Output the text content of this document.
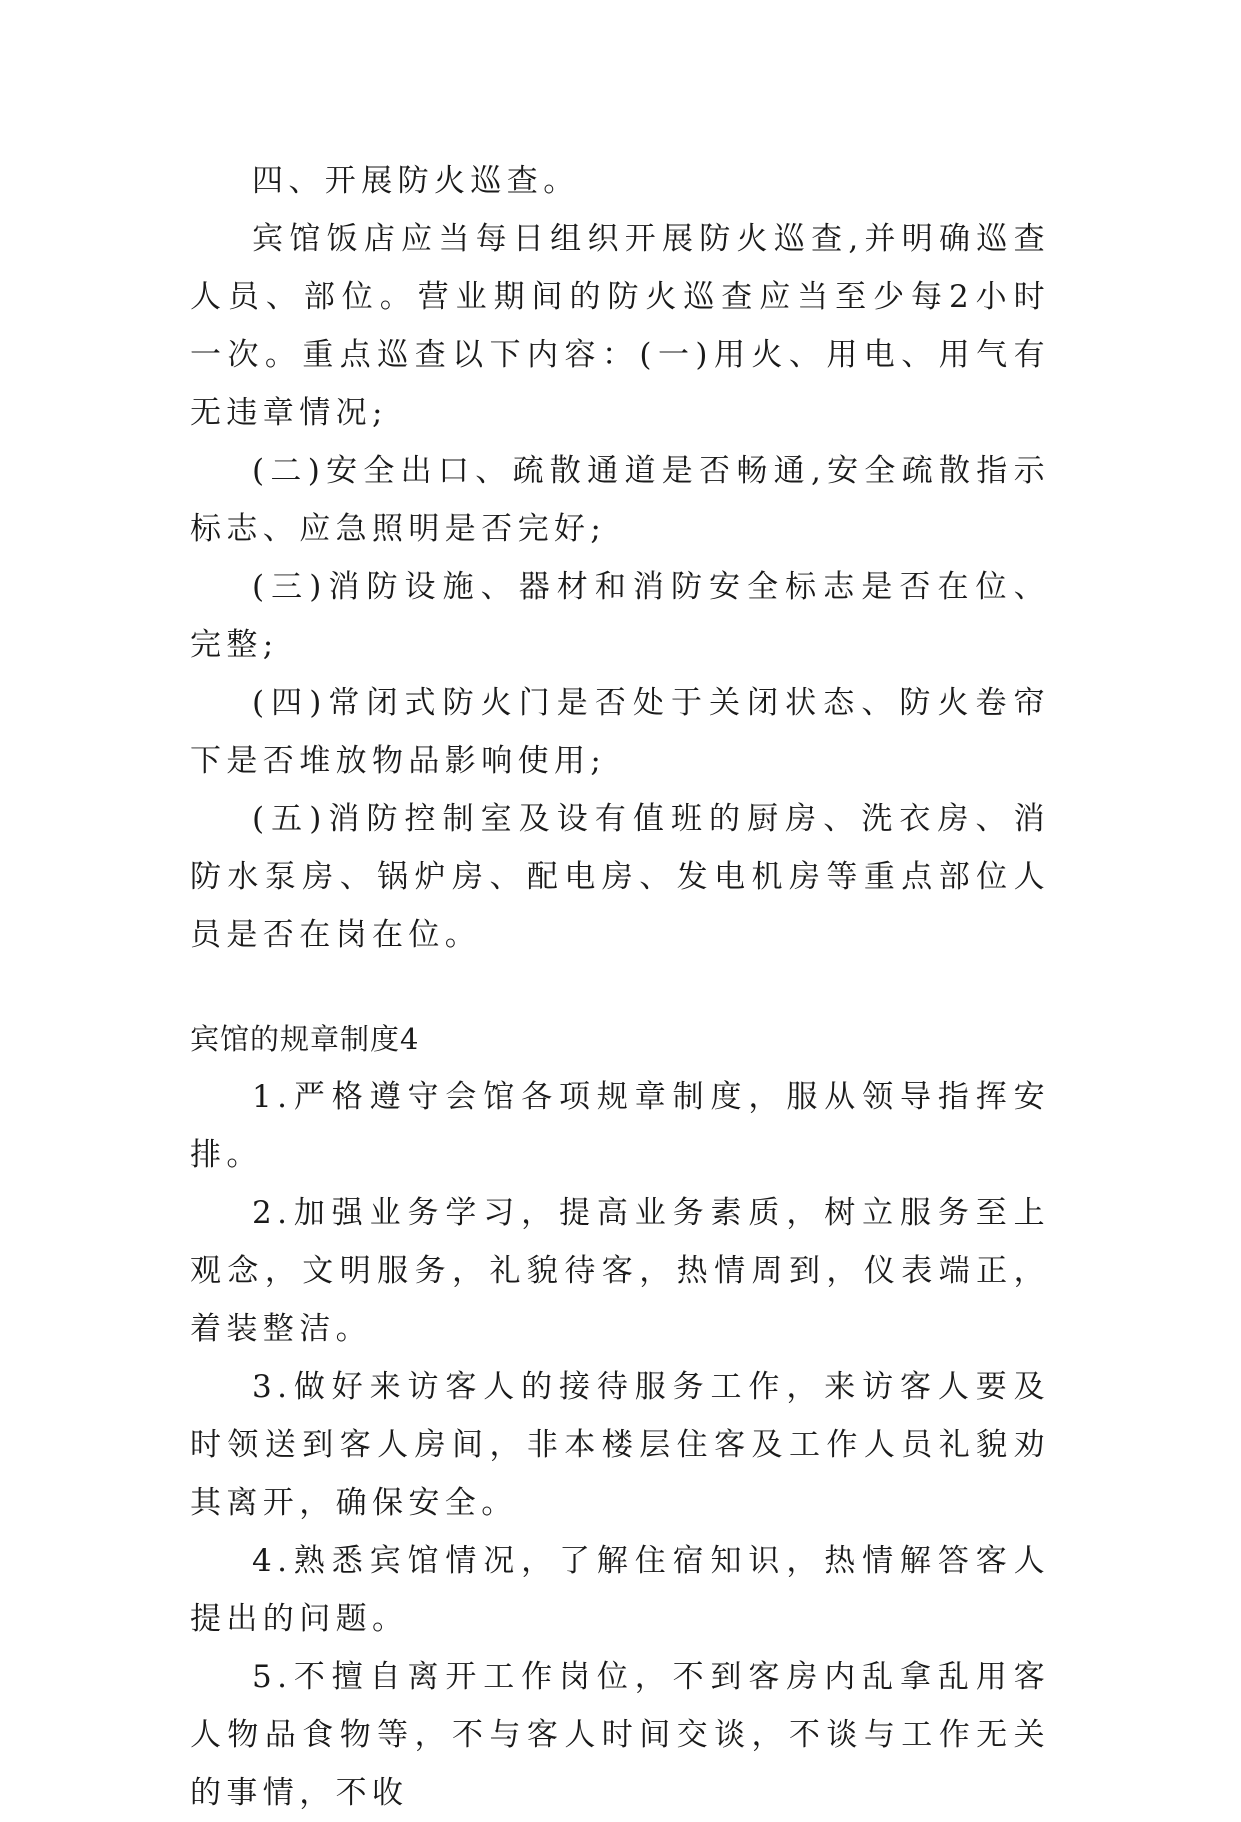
四、开展防火巡查。

宾馆饭店应当每日组织开展防火巡查,并明确巡查人员、部位。营业期间的防火巡查应当至少每2小时一次。重点巡查以下内容：(一)用火、用电、用气有无违章情况;

(二)安全出口、疏散通道是否畅通,安全疏散指示标志、应急照明是否完好;

(三)消防设施、器材和消防安全标志是否在位、完整;

(四)常闭式防火门是否处于关闭状态、防火卷帘下是否堆放物品影响使用;

(五)消防控制室及设有值班的厨房、洗衣房、消防水泵房、锅炉房、配电房、发电机房等重点部位人员是否在岗在位。

宾馆的规章制度4

1.严格遵守会馆各项规章制度，服从领导指挥安排。

2.加强业务学习，提高业务素质，树立服务至上观念，文明服务，礼貌待客，热情周到，仪表端正，着装整洁。

3.做好来访客人的接待服务工作，来访客人要及时领送到客人房间，非本楼层住客及工作人员礼貌劝其离开，确保安全。

4.熟悉宾馆情况，了解住宿知识，热情解答客人提出的问题。

5.不擅自离开工作岗位，不到客房内乱拿乱用客人物品食物等，不与客人时间交谈，不谈与工作无关的事情，不收
